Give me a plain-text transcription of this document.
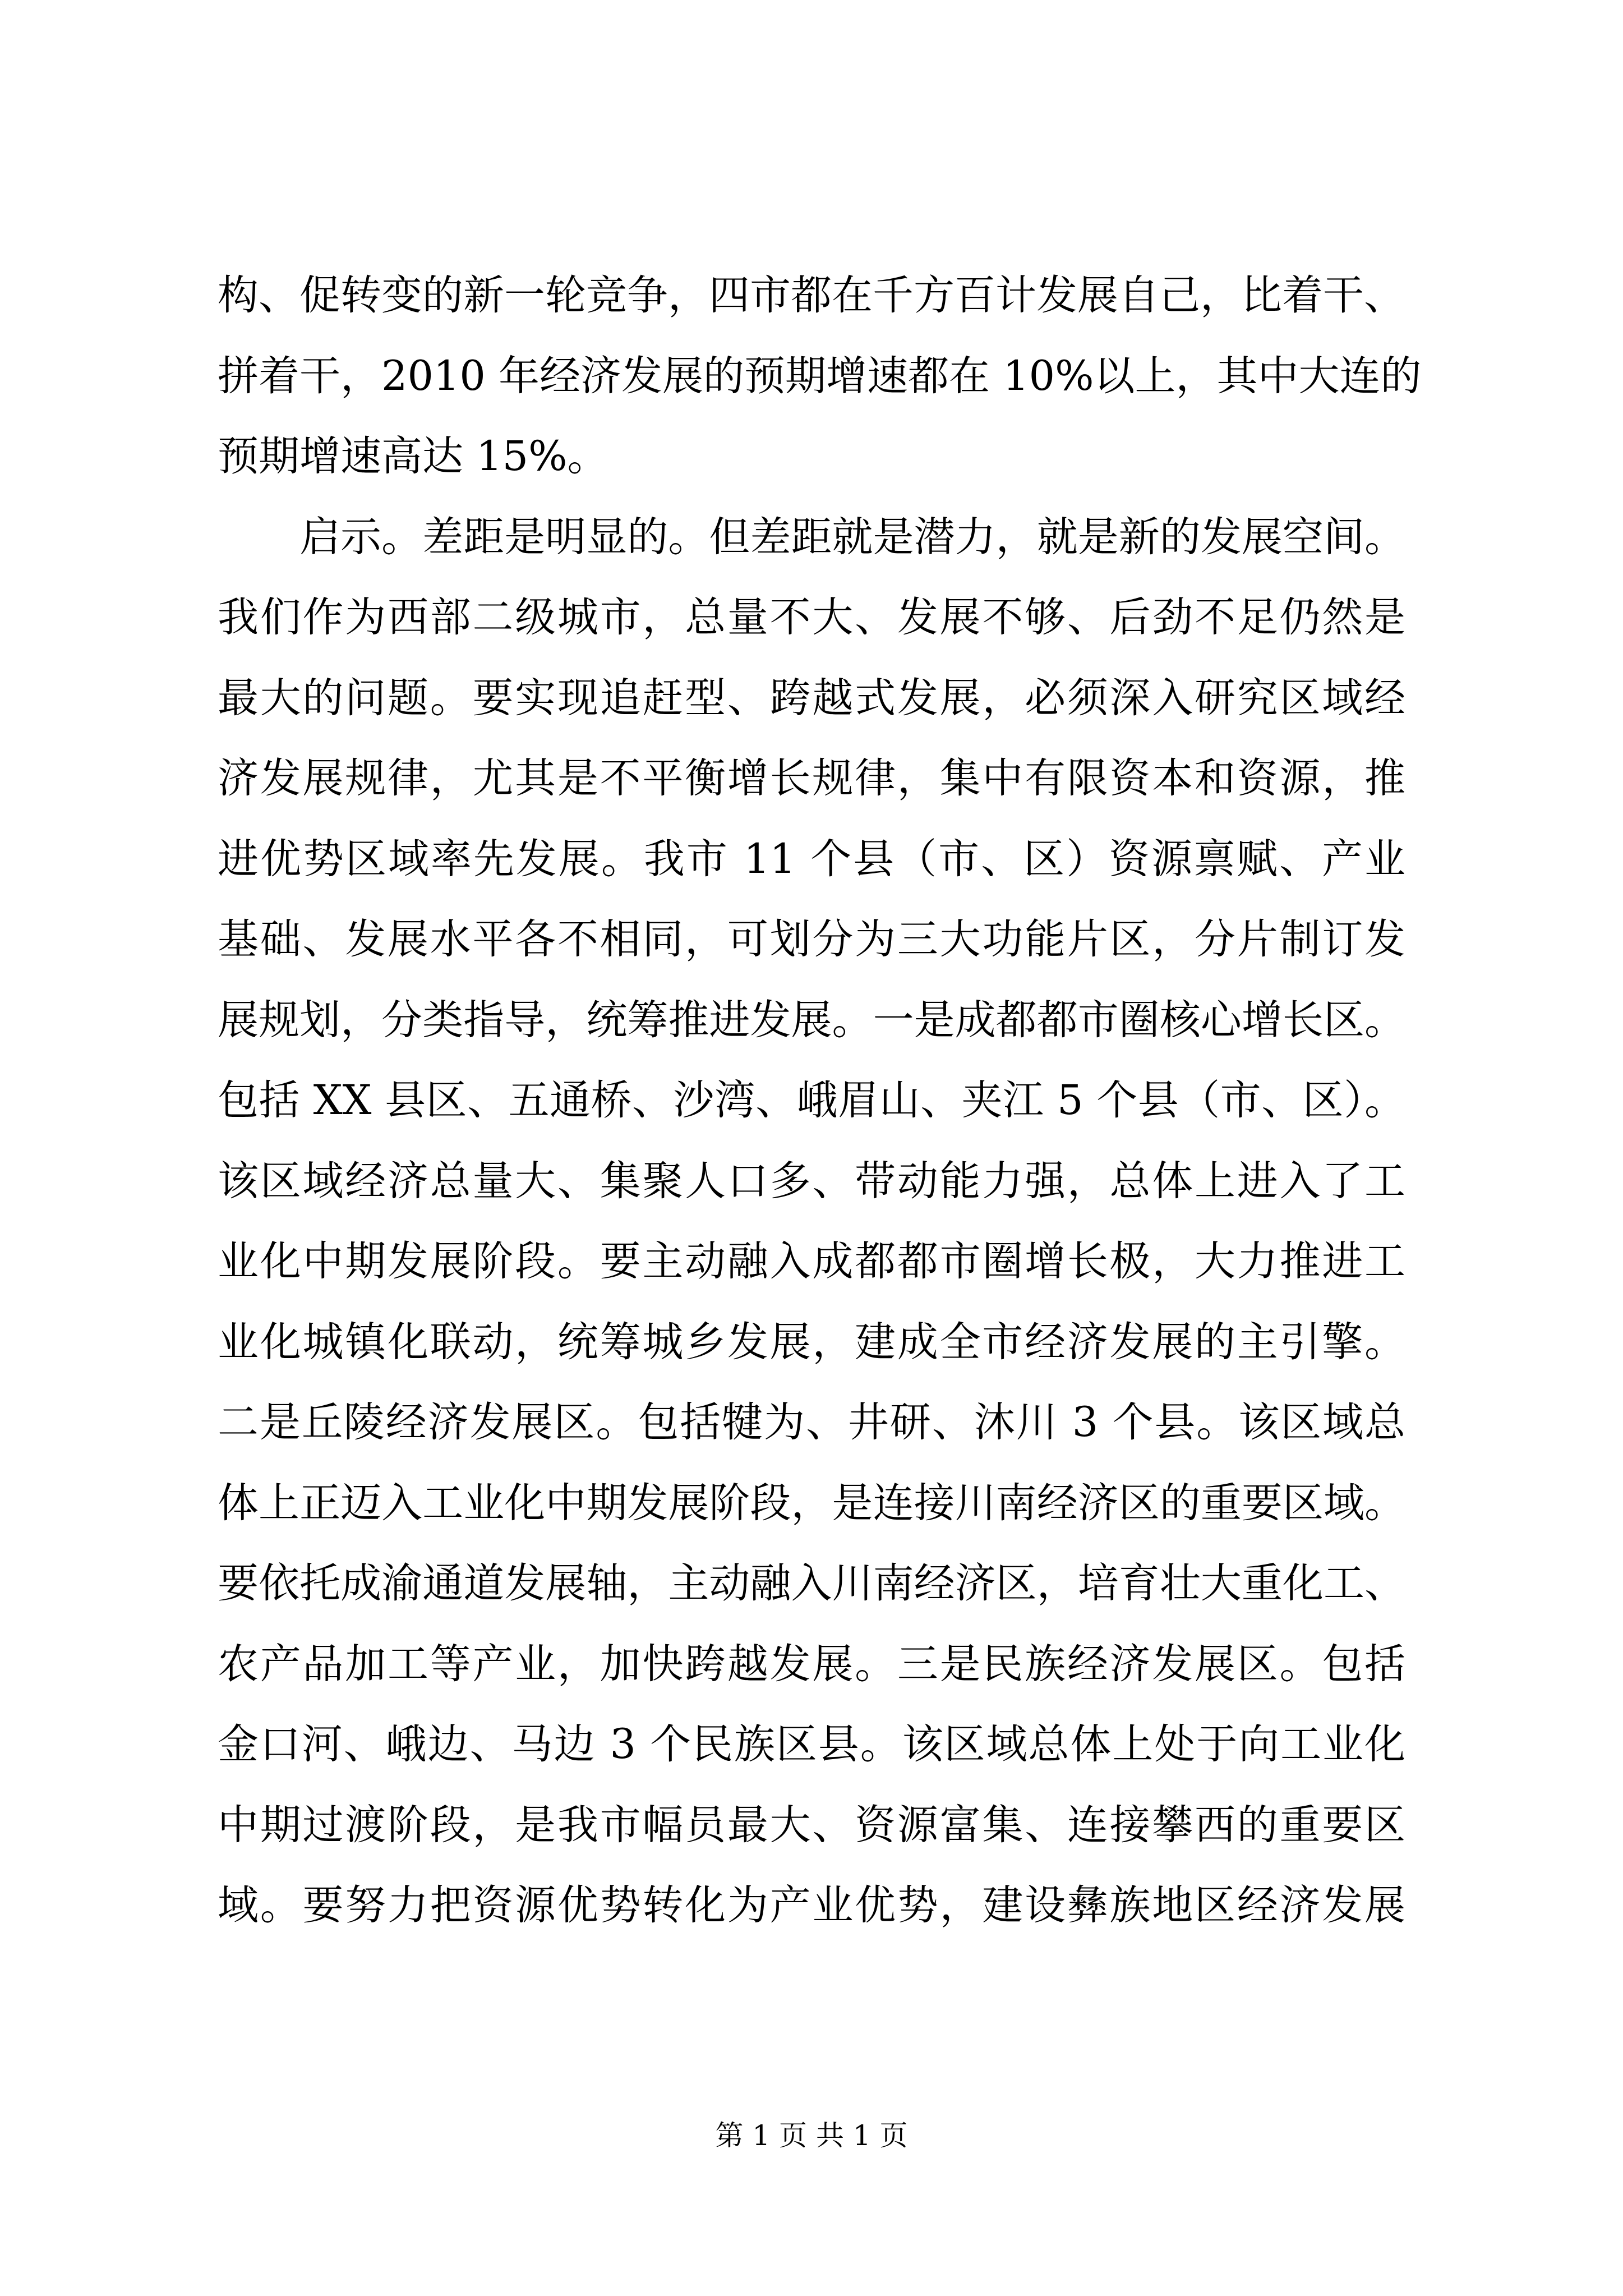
构、促转变的新一轮竞争，四市都在千方百计发展自己，比着干、
拼着干，2010 年经济发展的预期增速都在 10%以上，其中大连的
预期增速高达 15%。
　　启示。差距是明显的。但差距就是潜力，就是新的发展空间。
我们作为西部二级城市，总量不大、发展不够、后劲不足仍然是
最大的问题。要实现追赶型、跨越式发展，必须深入研究区域经
济发展规律，尤其是不平衡增长规律，集中有限资本和资源，推
进优势区域率先发展。我市 11 个县（市、区）资源禀赋、产业
基础、发展水平各不相同，可划分为三大功能片区，分片制订发
展规划，分类指导，统筹推进发展。一是成都都市圈核心增长区。
包括 XX 县区、五通桥、沙湾、峨眉山、夹江 5 个县（市、区）。
该区域经济总量大、集聚人口多、带动能力强，总体上进入了工
业化中期发展阶段。要主动融入成都都市圈增长极，大力推进工
业化城镇化联动，统筹城乡发展，建成全市经济发展的主引擎。
二是丘陵经济发展区。包括犍为、井研、沐川 3 个县。该区域总
体上正迈入工业化中期发展阶段，是连接川南经济区的重要区域。
要依托成渝通道发展轴，主动融入川南经济区，培育壮大重化工、
农产品加工等产业，加快跨越发展。三是民族经济发展区。包括
金口河、峨边、马边 3 个民族区县。该区域总体上处于向工业化
中期过渡阶段，是我市幅员最大、资源富集、连接攀西的重要区
域。要努力把资源优势转化为产业优势，建设彝族地区经济发展
第 1 页 共 1 页
